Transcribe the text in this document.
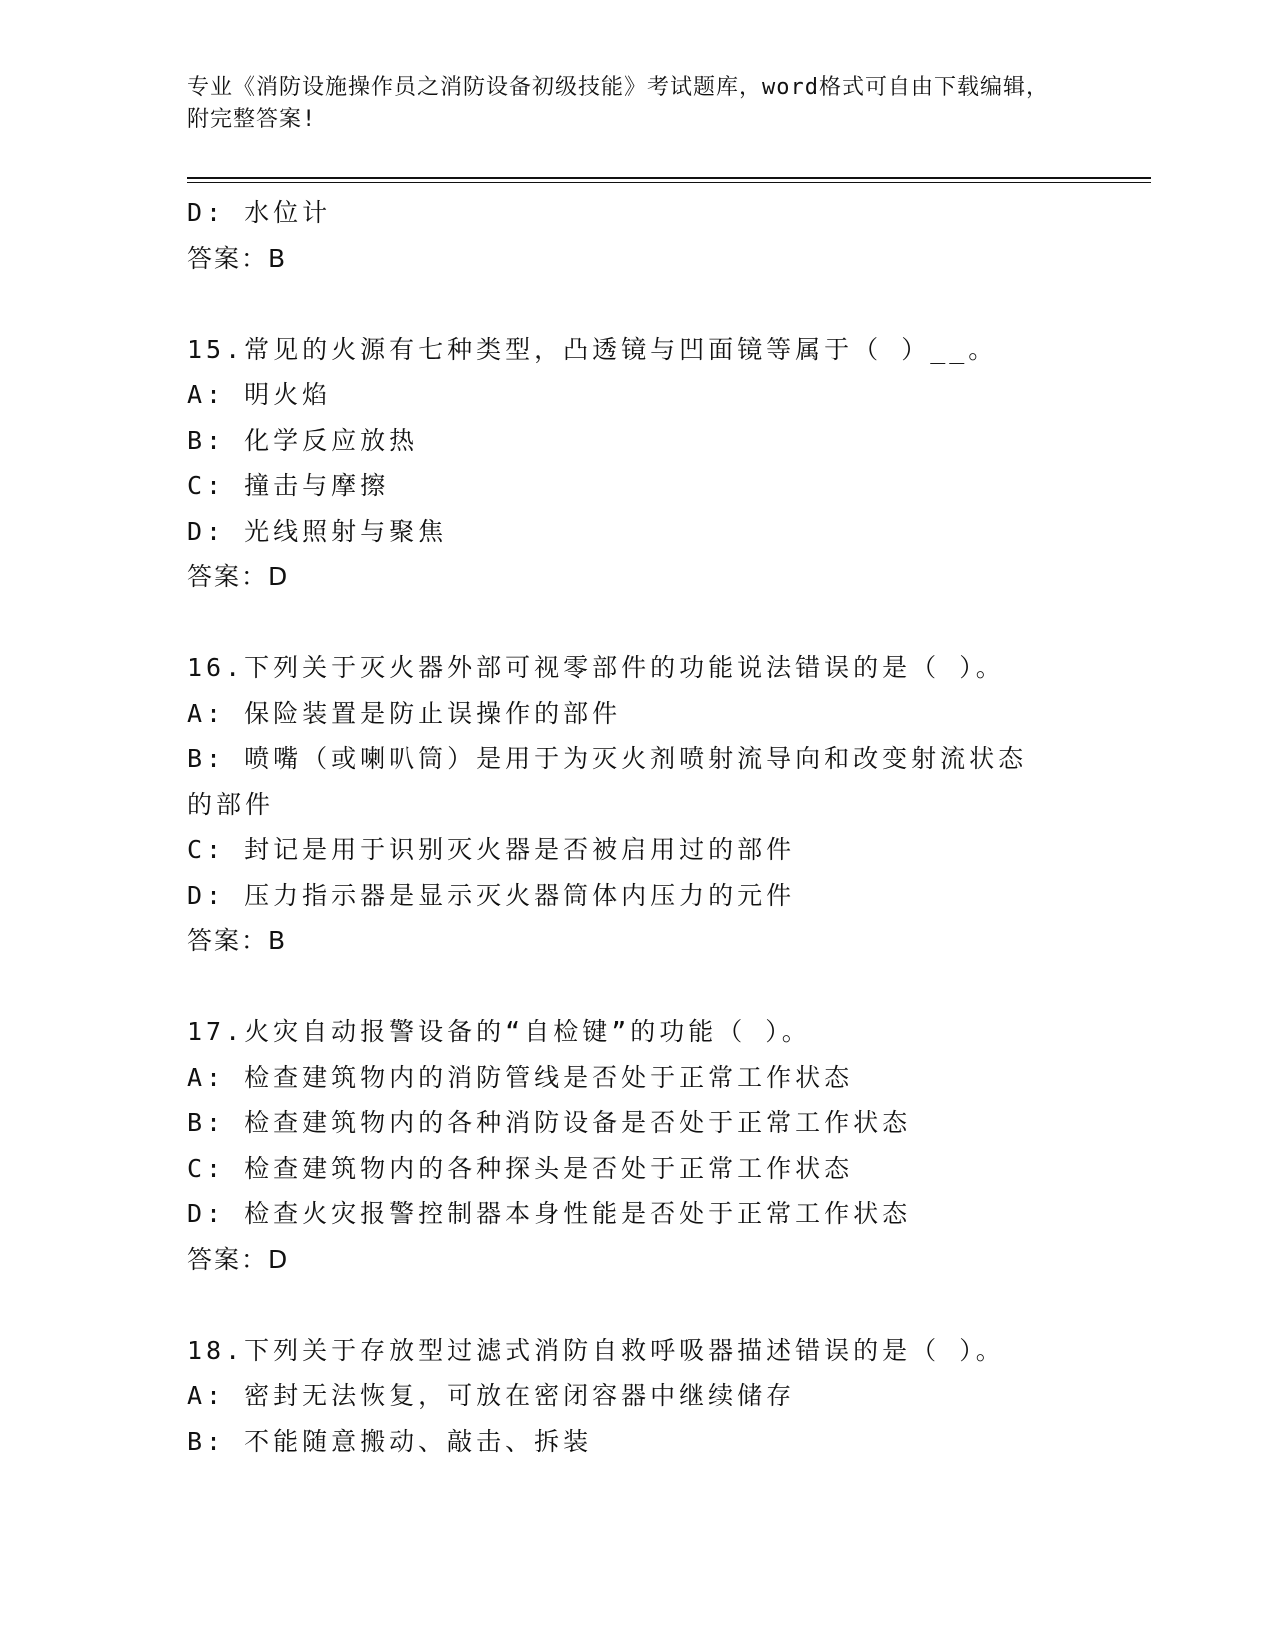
专业《消防设施操作员之消防设备初级技能》考试题库，word格式可自由下载编辑，附完整答案!
D: 水位计
答案：B
15.常见的火源有七种类型，凸透镜与凹面镜等属于（ ）__。
A: 明火焰
B: 化学反应放热
C: 撞击与摩擦
D: 光线照射与聚焦
答案：D
16.下列关于灭火器外部可视零部件的功能说法错误的是（ ）。
A: 保险装置是防止误操作的部件
B: 喷嘴（或喇叭筒）是用于为灭火剂喷射流导向和改变射流状态的部件
C: 封记是用于识别灭火器是否被启用过的部件
D: 压力指示器是显示灭火器筒体内压力的元件
答案：B
17.火灾自动报警设备的“自检键”的功能（ ）。
A: 检查建筑物内的消防管线是否处于正常工作状态
B: 检查建筑物内的各种消防设备是否处于正常工作状态
C: 检查建筑物内的各种探头是否处于正常工作状态
D: 检查火灾报警控制器本身性能是否处于正常工作状态
答案：D
18.下列关于存放型过滤式消防自救呼吸器描述错误的是（ ）。
A: 密封无法恢复，可放在密闭容器中继续储存
B: 不能随意搬动、敲击、拆装
